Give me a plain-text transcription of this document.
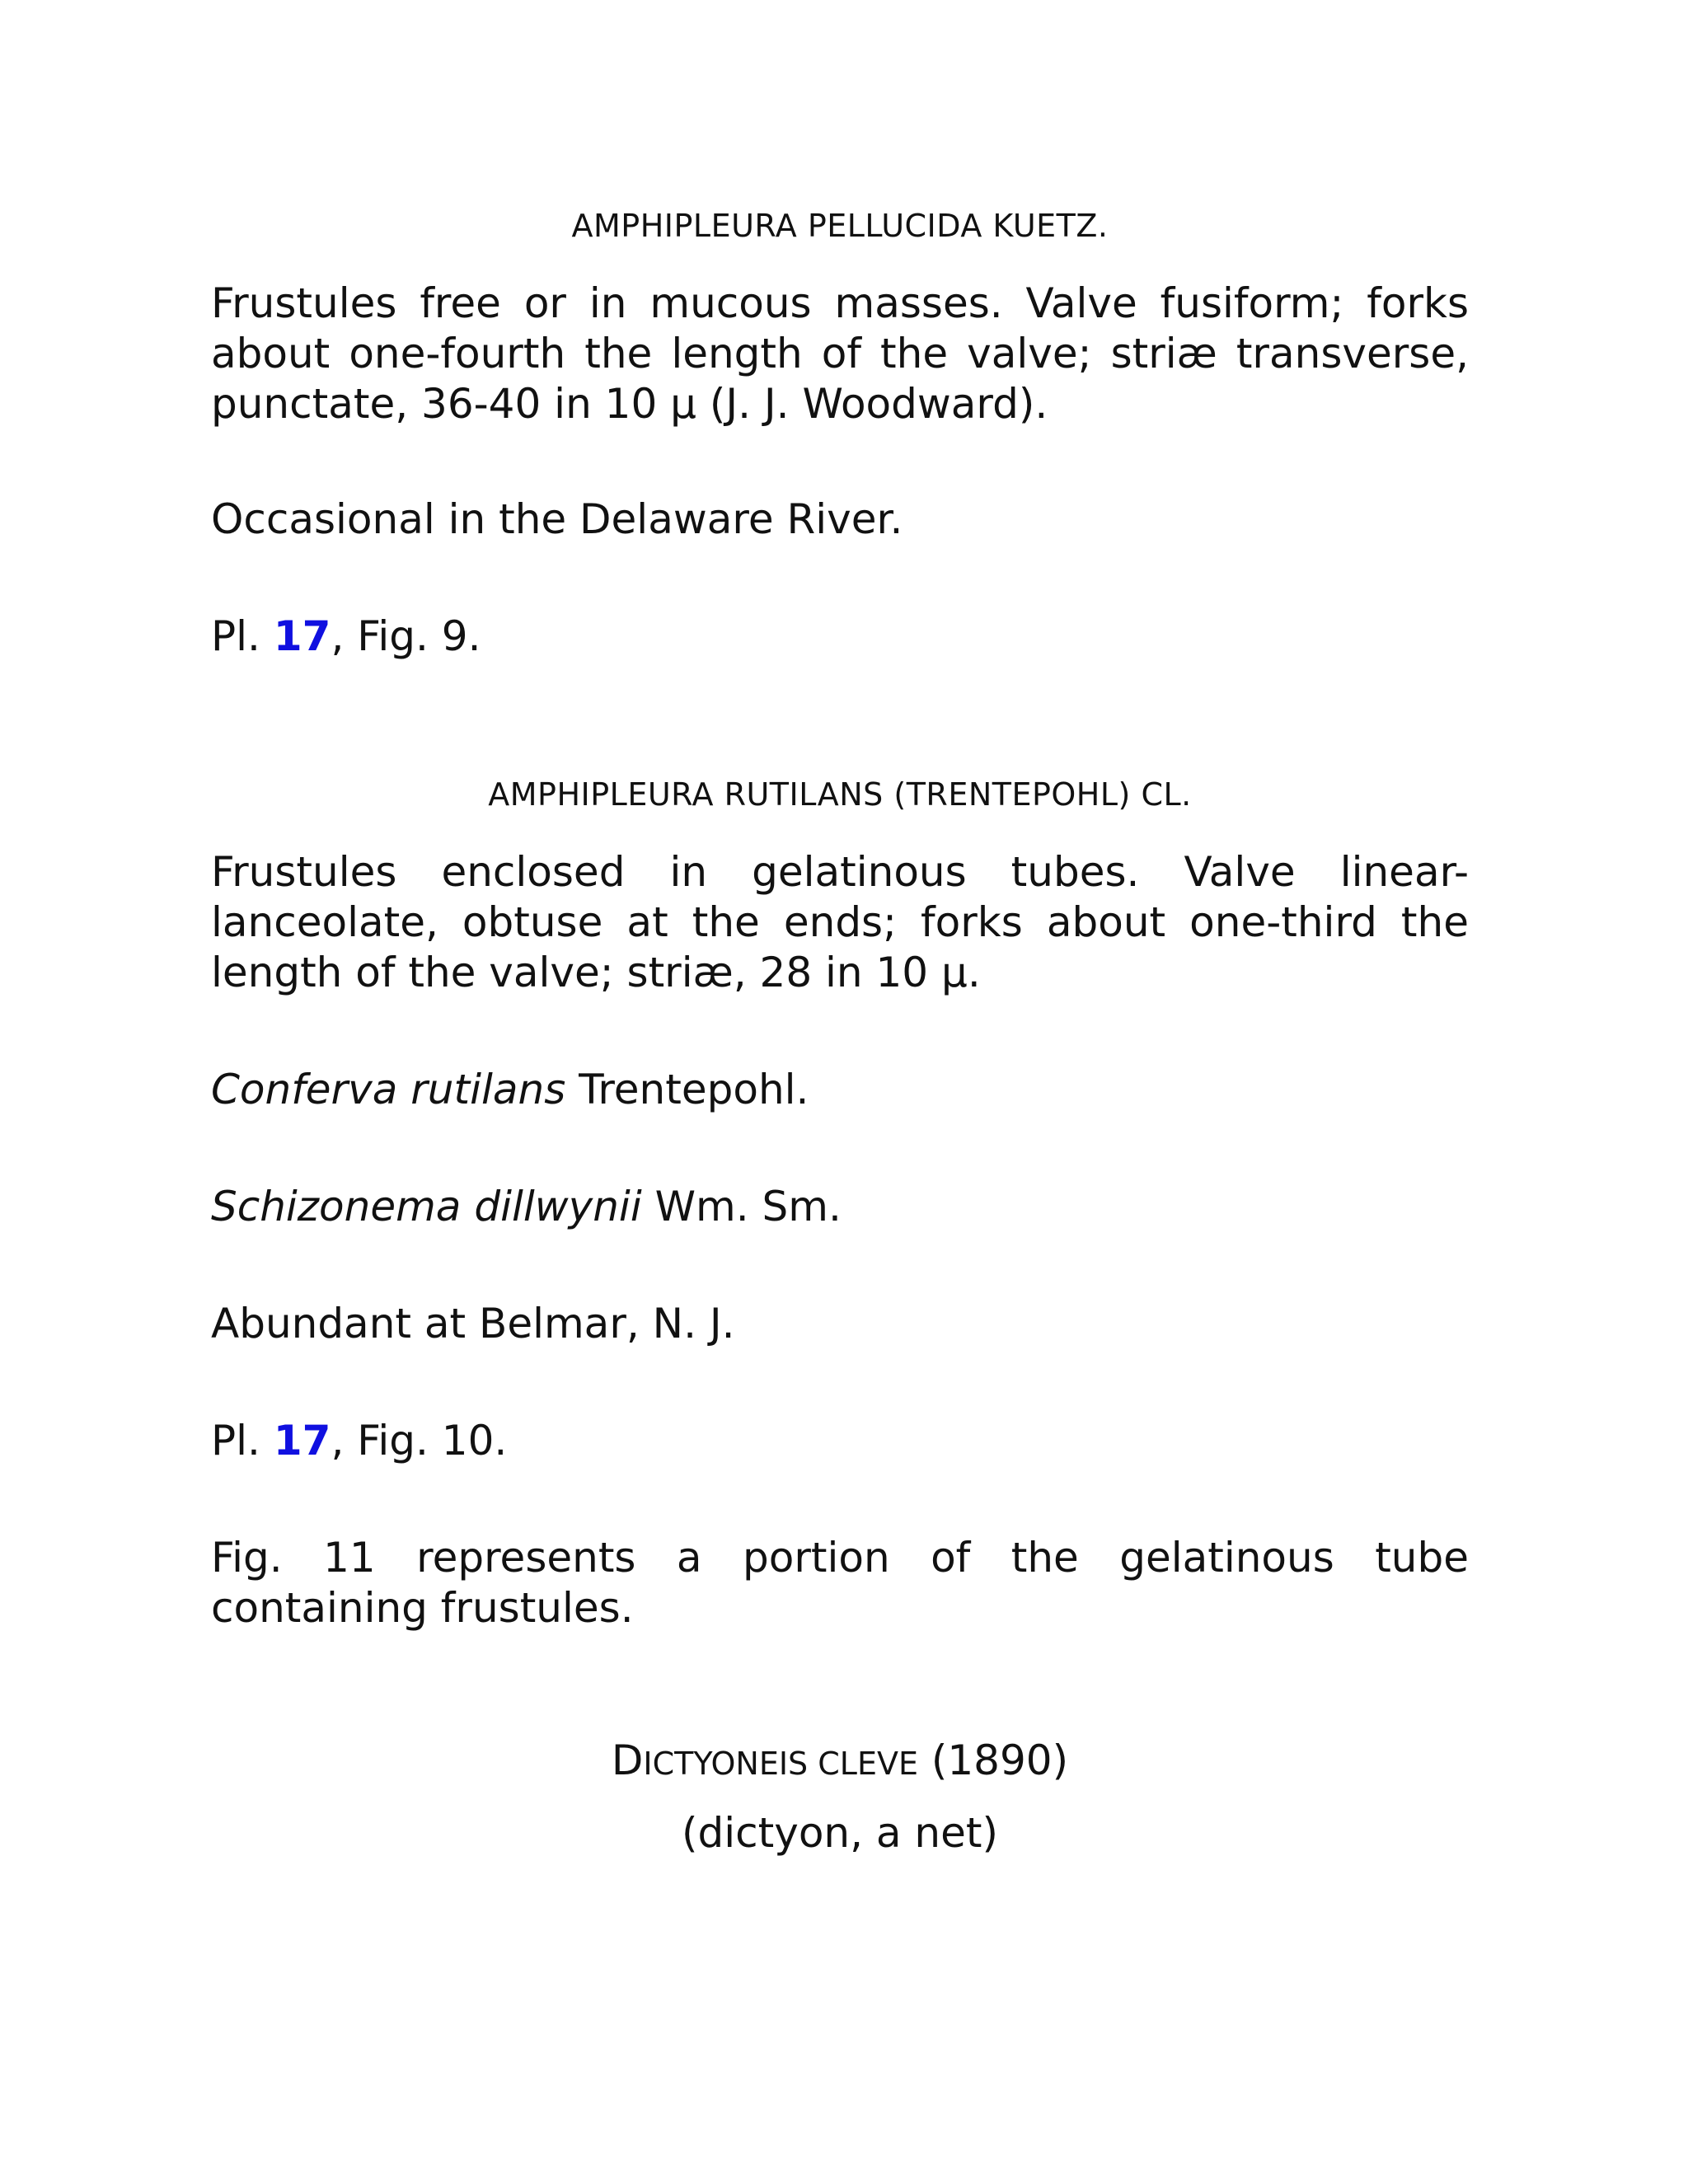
AMPHIPLEURA PELLUCIDA KUETZ.

Frustules free or in mucous masses. Valve fusiform; forks about one-fourth the length of the valve; striæ transverse, punctate, 36-40 in 10 µ (J. J. Woodward).

Occasional in the Delaware River.

Pl. 17, Fig. 9.

AMPHIPLEURA RUTILANS (TRENTEPOHL) CL.

Frustules enclosed in gelatinous tubes. Valve linear-lanceolate, obtuse at the ends; forks about one-third the length of the valve; striæ, 28 in 10 µ.

Conferva rutilans Trentepohl.

Schizonema dillwynii Wm. Sm.

Abundant at Belmar, N. J.

Pl. 17, Fig. 10.

Fig. 11 represents a portion of the gelatinous tube containing frustules.

DICTYONEIS CLEVE (1890)
(dictyon, a net)
